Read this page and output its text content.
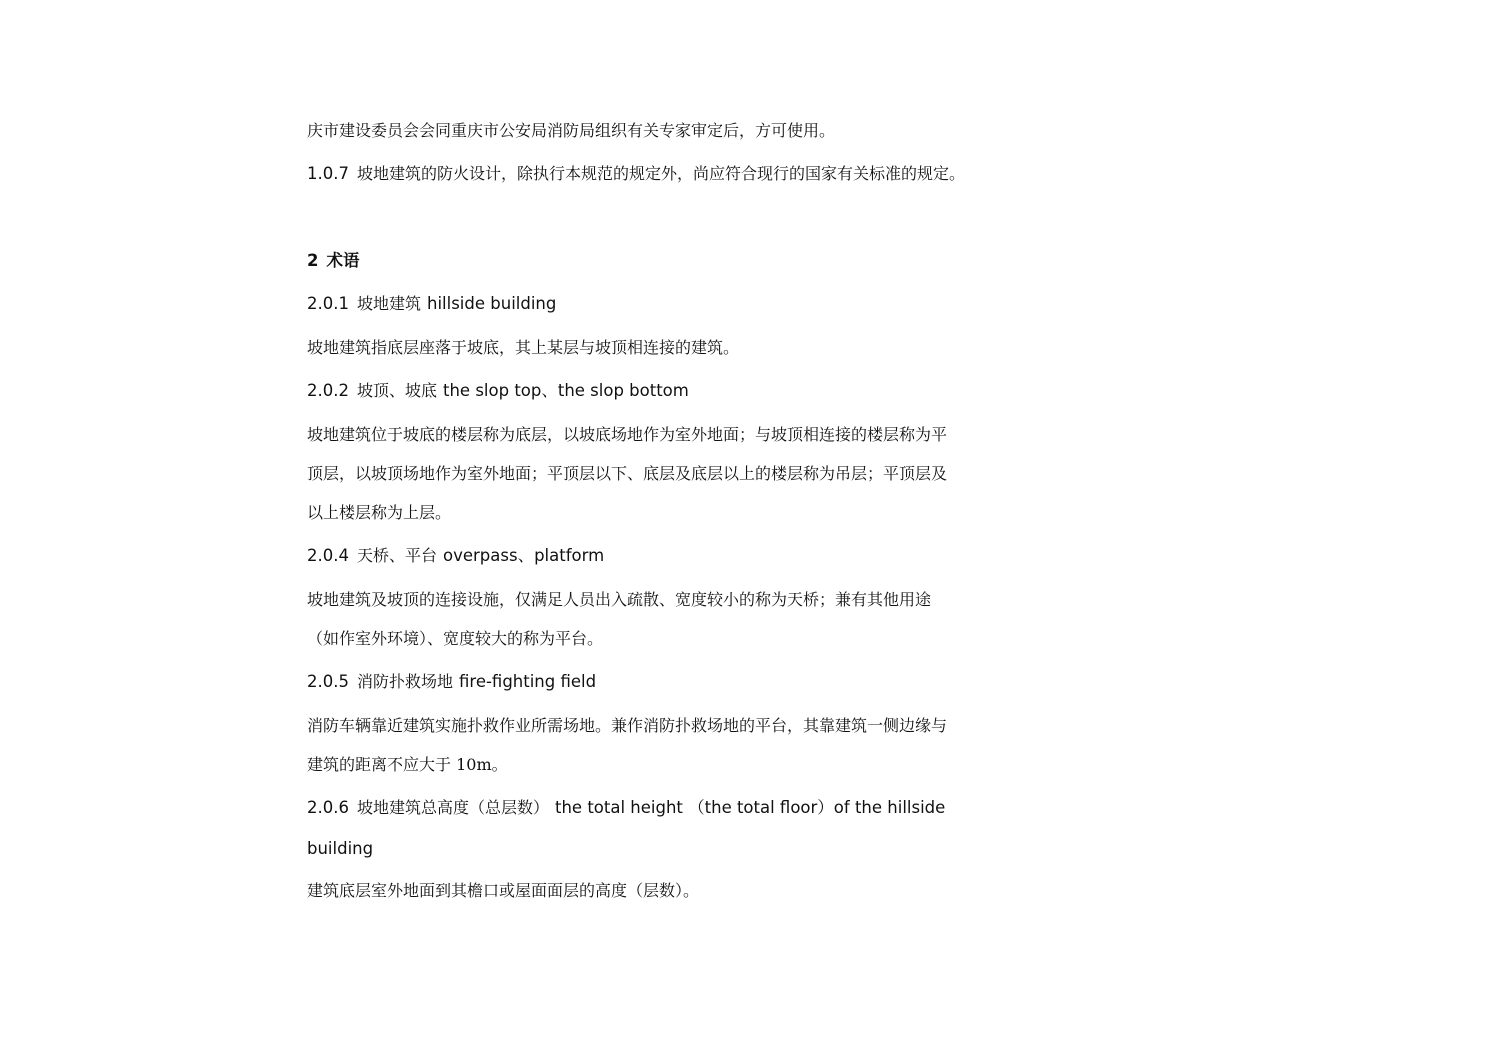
庆市建设委员会会同重庆市公安局消防局组织有关专家审定后，方可使用。
1.0.7 坡地建筑的防火设计，除执行本规范的规定外，尚应符合现行的国家有关标准的规定。
2 术语
2.0.1 坡地建筑 hillside building
坡地建筑指底层座落于坡底，其上某层与坡顶相连接的建筑。
2.0.2 坡顶、坡底 the slop top、the slop bottom
坡地建筑位于坡底的楼层称为底层，以坡底场地作为室外地面；与坡顶相连接的楼层称为平
顶层，以坡顶场地作为室外地面；平顶层以下、底层及底层以上的楼层称为吊层；平顶层及
以上楼层称为上层。
2.0.4 天桥、平台 overpass、platform
坡地建筑及坡顶的连接设施，仅满足人员出入疏散、宽度较小的称为天桥；兼有其他用途
（如作室外环境）、宽度较大的称为平台。
2.0.5 消防扑救场地 fire-fighting field
消防车辆靠近建筑实施扑救作业所需场地。兼作消防扑救场地的平台，其靠建筑一侧边缘与
建筑的距离不应大于 10m。
2.0.6 坡地建筑总高度（总层数） the total height （the total floor）of the hillside
building
建筑底层室外地面到其檐口或屋面面层的高度（层数）。
